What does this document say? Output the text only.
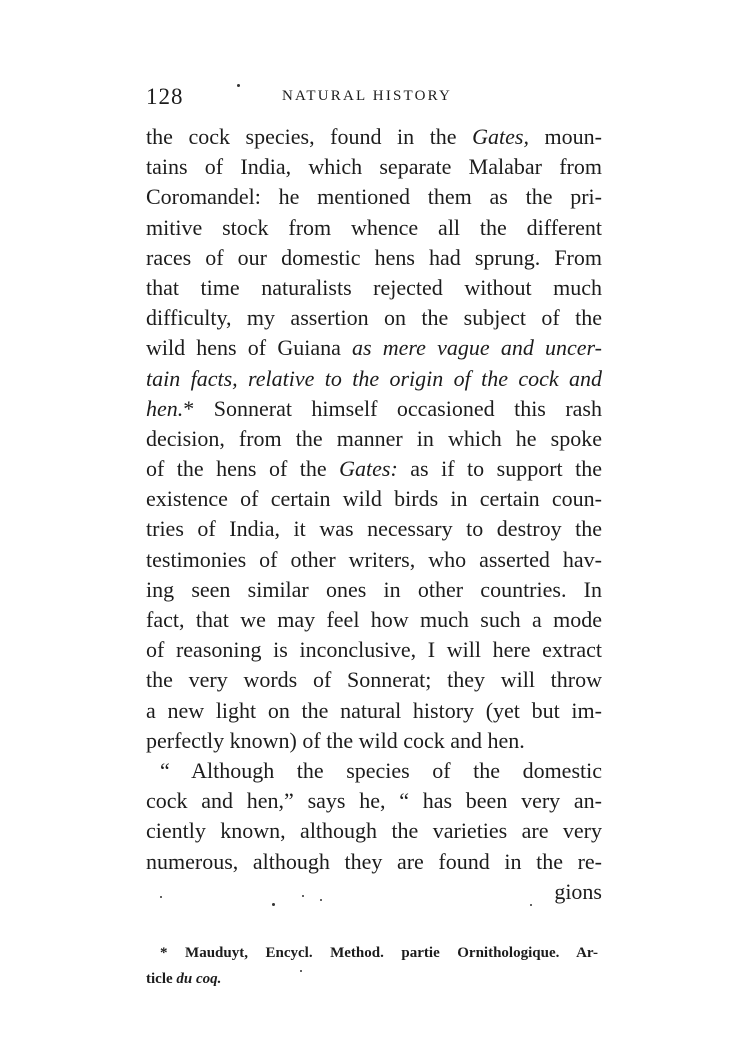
128	NATURAL HISTORY
the cock species, found in the Gates, moun-
tains of India, which separate Malabar from
Coromandel: he mentioned them as the pri-
mitive stock from whence all the different
races of our domestic hens had sprung. From
that time naturalists rejected without much
difficulty, my assertion on the subject of the
wild hens of Guiana as mere vague and uncer-
tain facts, relative to the origin of the cock and
hen.* Sonnerat himself occasioned this rash
decision, from the manner in which he spoke
of the hens of the Gates: as if to support the
existence of certain wild birds in certain coun-
tries of India, it was necessary to destroy the
testimonies of other writers, who asserted hav-
ing seen similar ones in other countries. In
fact, that we may feel how much such a mode
of reasoning is inconclusive, I will here extract
the very words of Sonnerat; they will throw
a new light on the natural history (yet but im-
perfectly known) of the wild cock and hen.
“ Although the species of the domestic
cock and hen,” says he, “ has been very an-
ciently known, although the varieties are very
numerous, although they are found in the re-
gions
* Mauduyt, Encycl. Method. partie Ornithologique. Ar-
ticle du coq.
